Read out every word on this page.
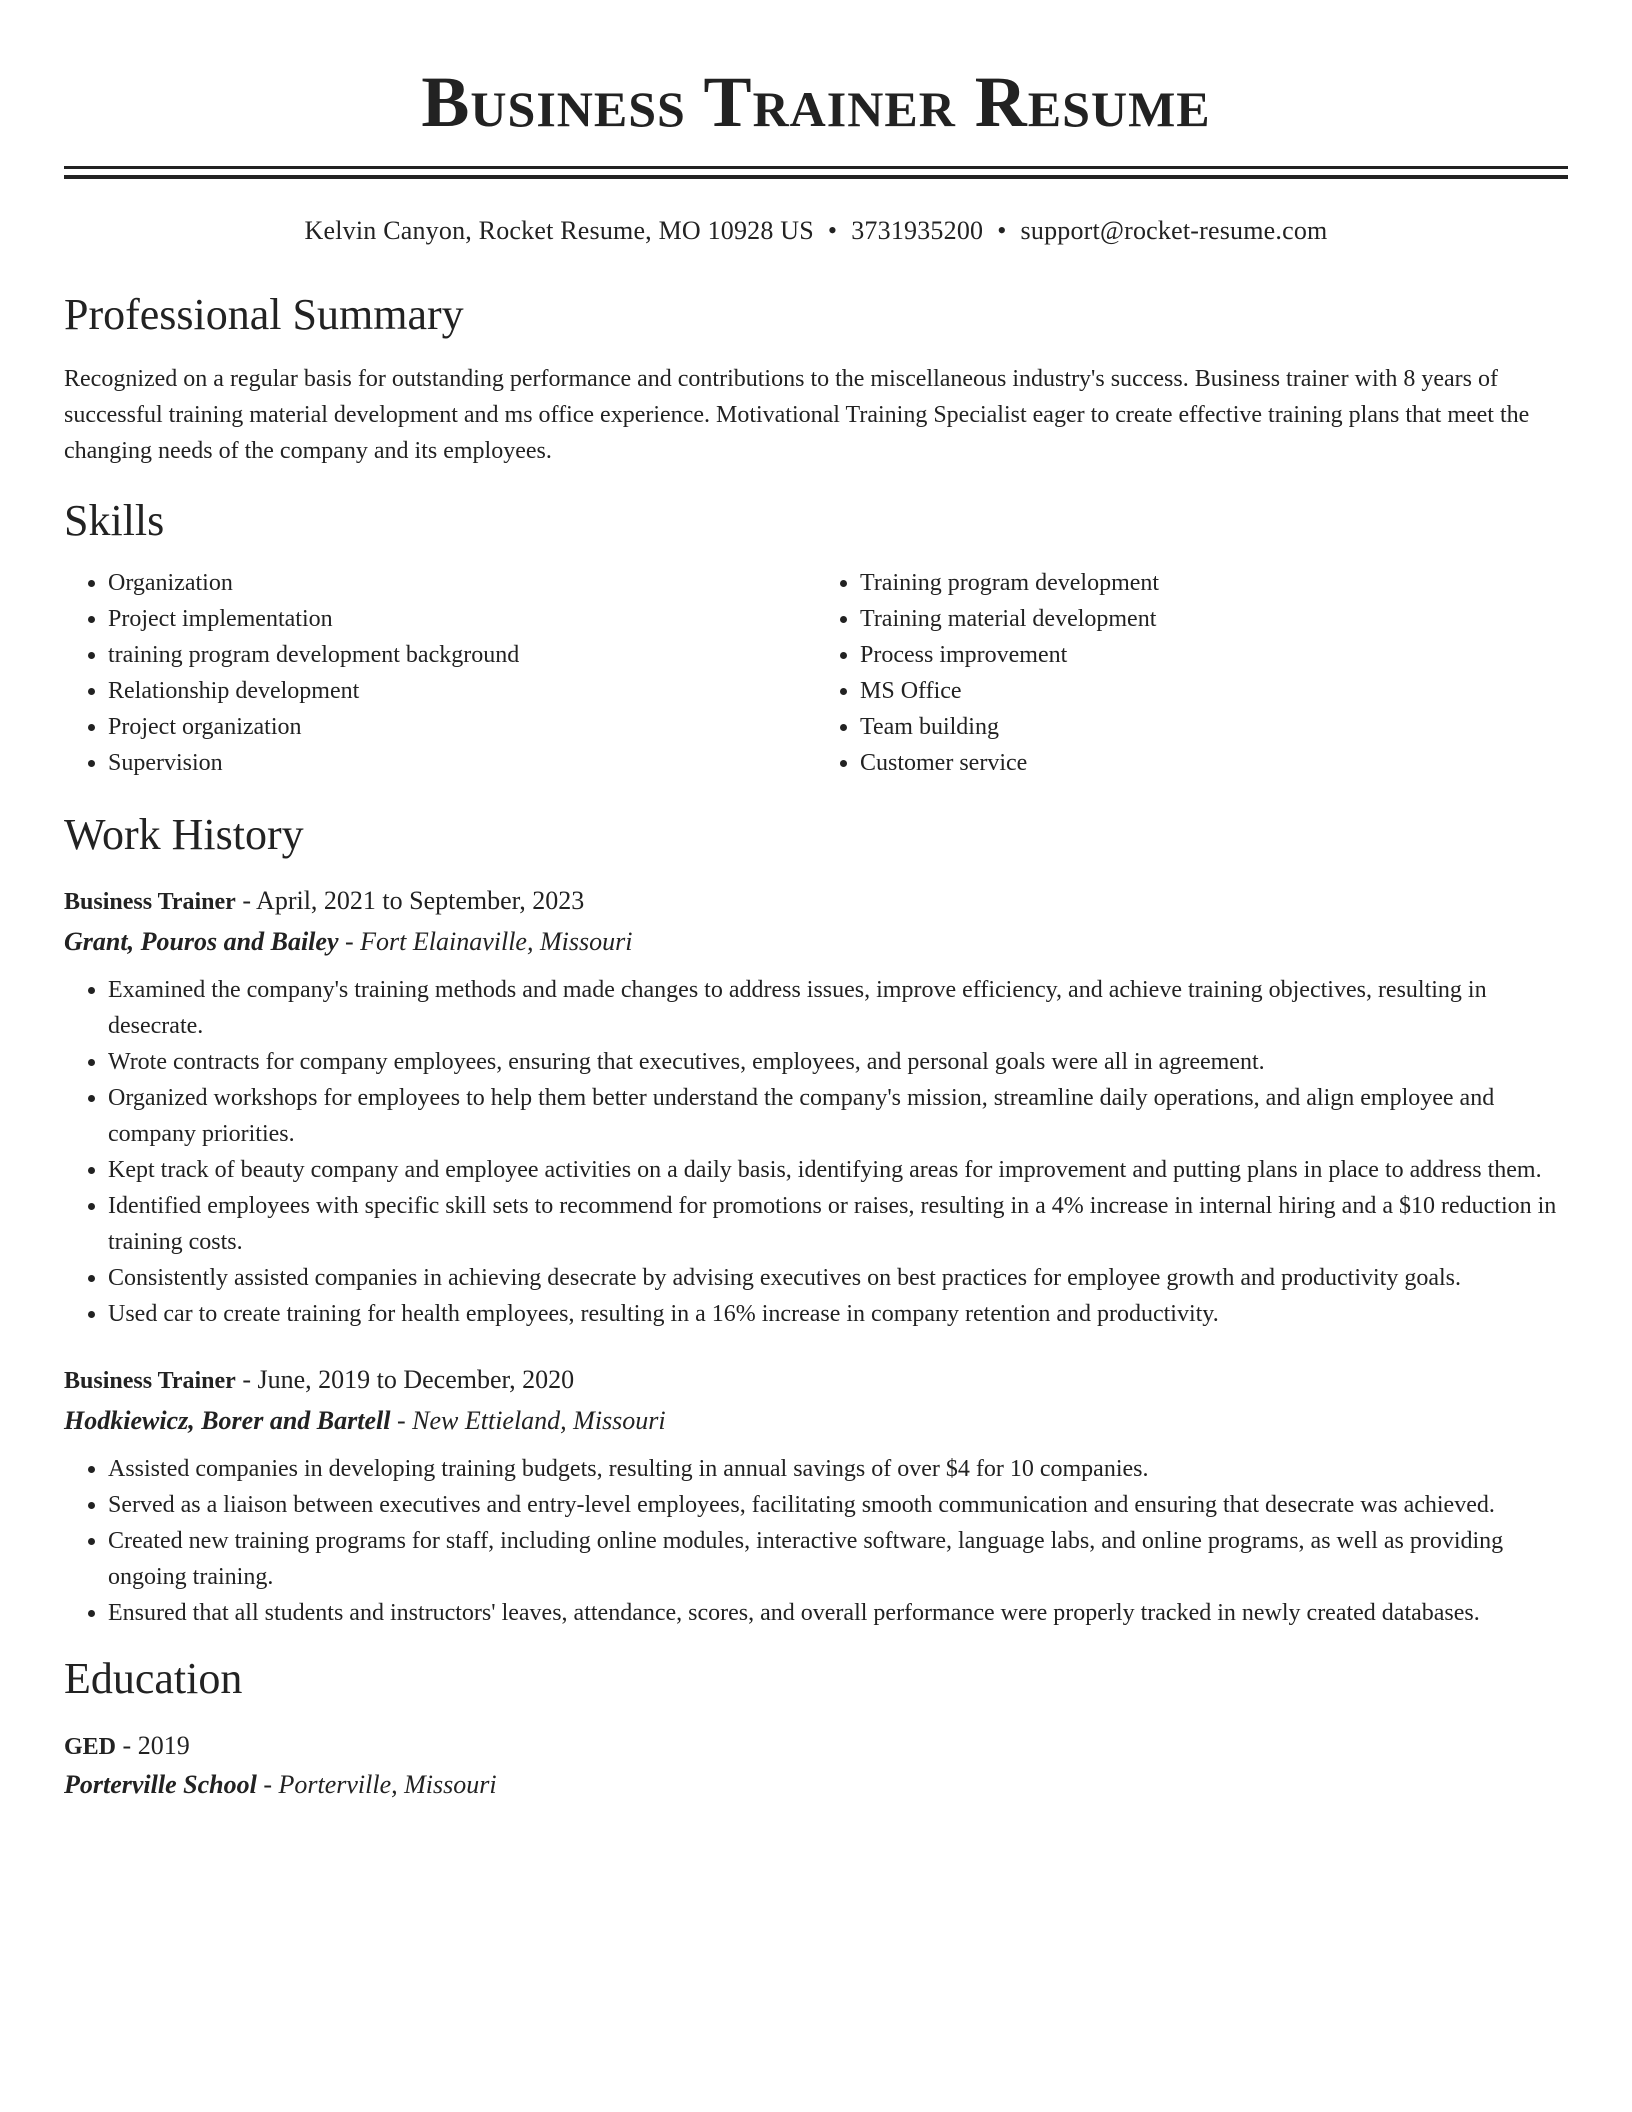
Business Trainer Resume
Kelvin Canyon, Rocket Resume, MO 10928 US • 3731935200 • support@rocket-resume.com
Professional Summary
Recognized on a regular basis for outstanding performance and contributions to the miscellaneous industry's success. Business trainer with 8 years of successful training material development and ms office experience. Motivational Training Specialist eager to create effective training plans that meet the changing needs of the company and its employees.
Skills
• Organization
• Project implementation
• training program development background
• Relationship development
• Project organization
• Supervision
• Training program development
• Training material development
• Process improvement
• MS Office
• Team building
• Customer service
Work History
Business Trainer - April, 2021 to September, 2023
Grant, Pouros and Bailey - Fort Elainaville, Missouri
• Examined the company's training methods and made changes to address issues, improve efficiency, and achieve training objectives, resulting in desecrate.
• Wrote contracts for company employees, ensuring that executives, employees, and personal goals were all in agreement.
• Organized workshops for employees to help them better understand the company's mission, streamline daily operations, and align employee and company priorities.
• Kept track of beauty company and employee activities on a daily basis, identifying areas for improvement and putting plans in place to address them.
• Identified employees with specific skill sets to recommend for promotions or raises, resulting in a 4% increase in internal hiring and a $10 reduction in training costs.
• Consistently assisted companies in achieving desecrate by advising executives on best practices for employee growth and productivity goals.
• Used car to create training for health employees, resulting in a 16% increase in company retention and productivity.
Business Trainer - June, 2019 to December, 2020
Hodkiewicz, Borer and Bartell - New Ettieland, Missouri
• Assisted companies in developing training budgets, resulting in annual savings of over $4 for 10 companies.
• Served as a liaison between executives and entry-level employees, facilitating smooth communication and ensuring that desecrate was achieved.
• Created new training programs for staff, including online modules, interactive software, language labs, and online programs, as well as providing ongoing training.
• Ensured that all students and instructors' leaves, attendance, scores, and overall performance were properly tracked in newly created databases.
Education
GED - 2019
Porterville School - Porterville, Missouri
